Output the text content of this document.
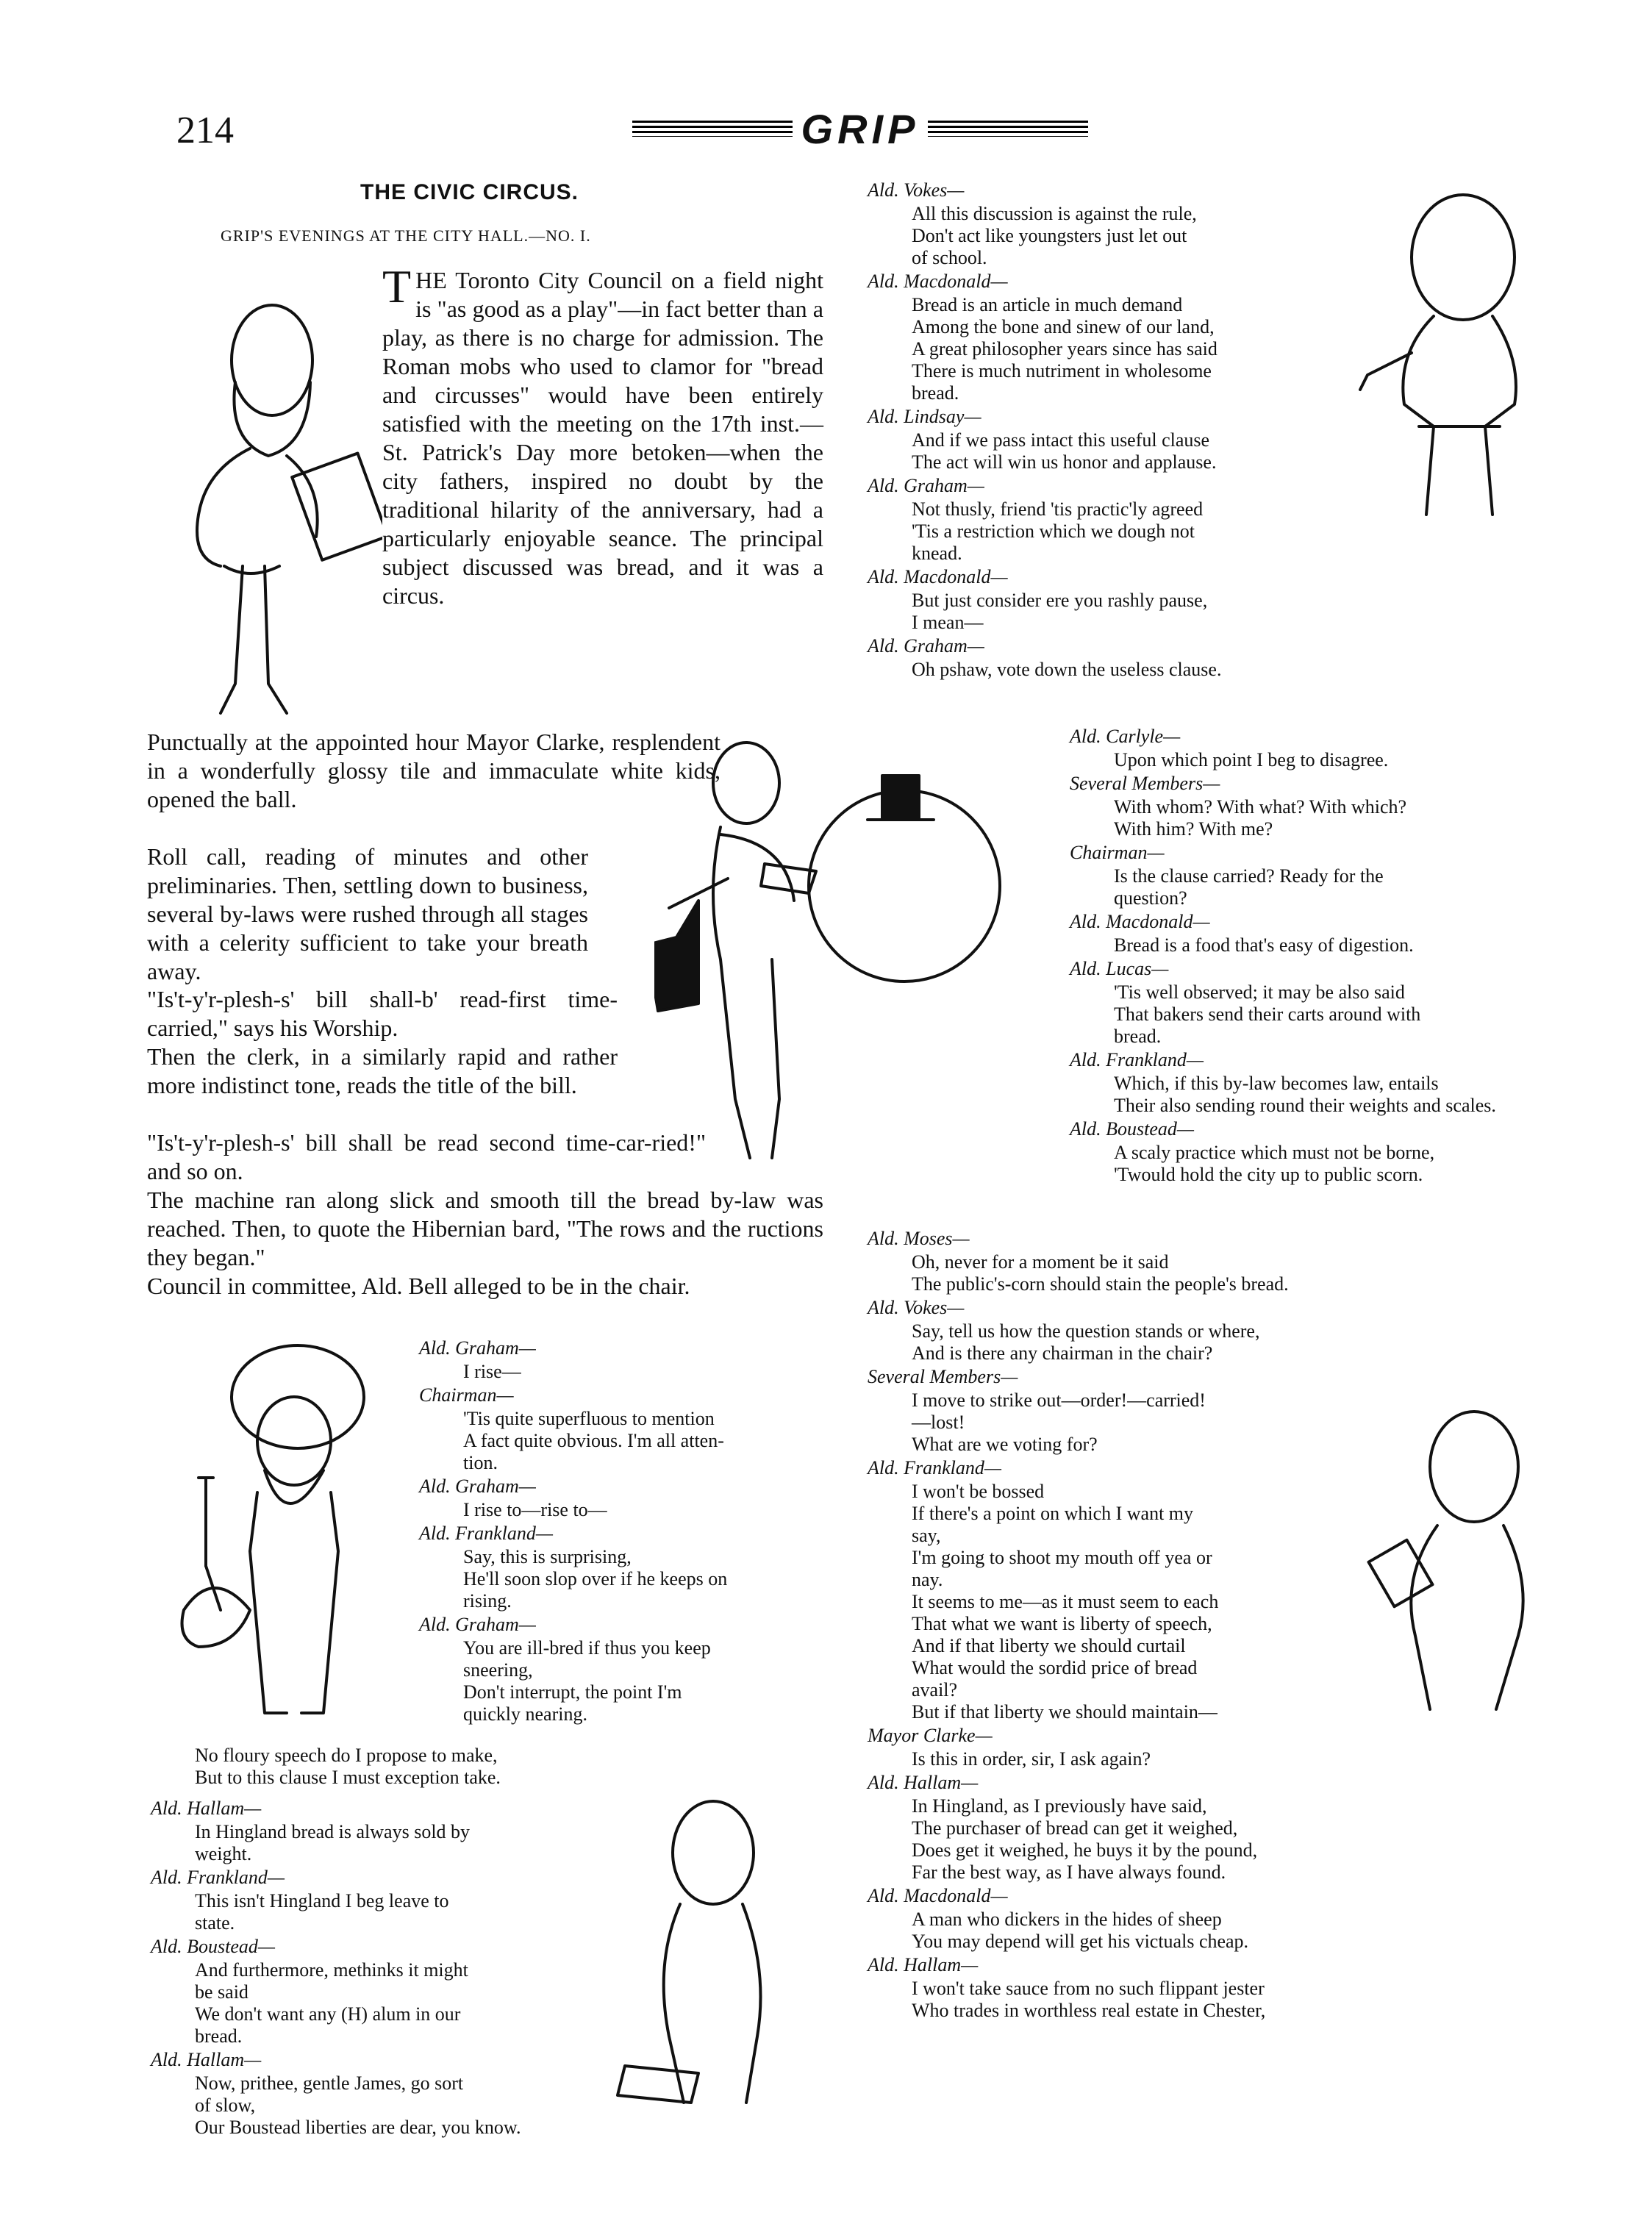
214	GRIP
THE CIVIC CIRCUS.
GRIP'S EVENINGS AT THE CITY HALL.—NO. I.
THE Toronto City Council on a field night is "as good as a play"—in fact better than a play, as there is no charge for admission. The Roman mobs who used to clamor for "bread and circusses" would have been entirely satisfied with the meeting on the 17th inst.—St. Patrick's Day more betoken—when the city fathers, inspired no doubt by the traditional hilarity of the anniversary, had a particularly enjoyable seance. The principal subject discussed was bread, and it was a circus.
Punctually at the appointed hour Mayor Clarke, resplendent in a wonderfully glossy tile and immaculate white kids, opened the ball.
Roll call, reading of minutes and other preliminaries. Then, settling down to business, several by-laws were rushed through all stages with a celerity sufficient to take your breath away.
"Is't-y'r-plesh-s' bill shall-b' read-first time-carried," says his Worship.
Then the clerk, in a similarly rapid and rather more indistinct tone, reads the title of the bill.
"Is't-y'r-plesh-s' bill shall be read second time-car-ried!" and so on.
The machine ran along slick and smooth till the bread by-law was reached. Then, to quote the Hibernian bard, "The rows and the ructions they began."
Council in committee, Ald. Bell alleged to be in the chair.
Ald. Graham—
I rise—
Chairman—
'Tis quite superfluous to mention
A fact quite obvious. I'm all atten-
tion.
Ald. Graham—
I rise to—rise to—
Ald. Frankland—
Say, this is surprising,
He'll soon slop over if he keeps on
rising.
Ald. Graham—
You are ill-bred if thus you keep
sneering,
Don't interrupt, the point I'm
quickly nearing.
No floury speech do I propose to make,
But to this clause I must exception take.
Ald. Hallam—
In Hingland bread is always sold by
weight.
Ald. Frankland—
This isn't Hingland I beg leave to
state.
Ald. Boustead—
And furthermore, methinks it might
be said
We don't want any (H) alum in our
bread.
Ald. Hallam—
Now, prithee, gentle James, go sort
of slow,
Our Boustead liberties are dear, you know.
Ald. Vokes—
All this discussion is against the rule,
Don't act like youngsters just let out
of school.
Ald. Macdonald—
Bread is an article in much demand
Among the bone and sinew of our land,
A great philosopher years since has said
There is much nutriment in wholesome
bread.
Ald. Lindsay—
And if we pass intact this useful clause
The act will win us honor and applause.
Ald. Graham—
Not thusly, friend 'tis practic'ly agreed
'Tis a restriction which we dough not
knead.
Ald. Macdonald—
But just consider ere you rashly pause,
I mean—
Ald. Graham—
Oh pshaw, vote down the useless clause.
Ald. Carlyle—
Upon which point I beg to disagree.
Several Members—
With whom? With what? With which?
With him? With me?
Chairman—
Is the clause carried? Ready for the
question?
Ald. Macdonald—
Bread is a food that's easy of digestion.
Ald. Lucas—
'Tis well observed; it may be also said
That bakers send their carts around with
bread.
Ald. Frankland—
Which, if this by-law becomes law, entails
Their also sending round their weights and scales.
Ald. Boustead—
A scaly practice which must not be borne,
'Twould hold the city up to public scorn.
Ald. Moses—
Oh, never for a moment be it said
The public's-corn should stain the people's bread.
Ald. Vokes—
Say, tell us how the question stands or where,
And is there any chairman in the chair?
Several Members—
I move to strike out—order!—carried!
—lost!
What are we voting for?
Ald. Frankland—
I won't be bossed
If there's a point on which I want my
say,
I'm going to shoot my mouth off yea or
nay.
It seems to me—as it must seem to each
That what we want is liberty of speech,
And if that liberty we should curtail
What would the sordid price of bread
avail?
But if that liberty we should maintain—
Mayor Clarke—
Is this in order, sir, I ask again?
Ald. Hallam—
In Hingland, as I previously have said,
The purchaser of bread can get it weighed,
Does get it weighed, he buys it by the pound,
Far the best way, as I have always found.
Ald. Macdonald—
A man who dickers in the hides of sheep
You may depend will get his victuals cheap.
Ald. Hallam—
I won't take sauce from no such flippant jester
Who trades in worthless real estate in Chester,
